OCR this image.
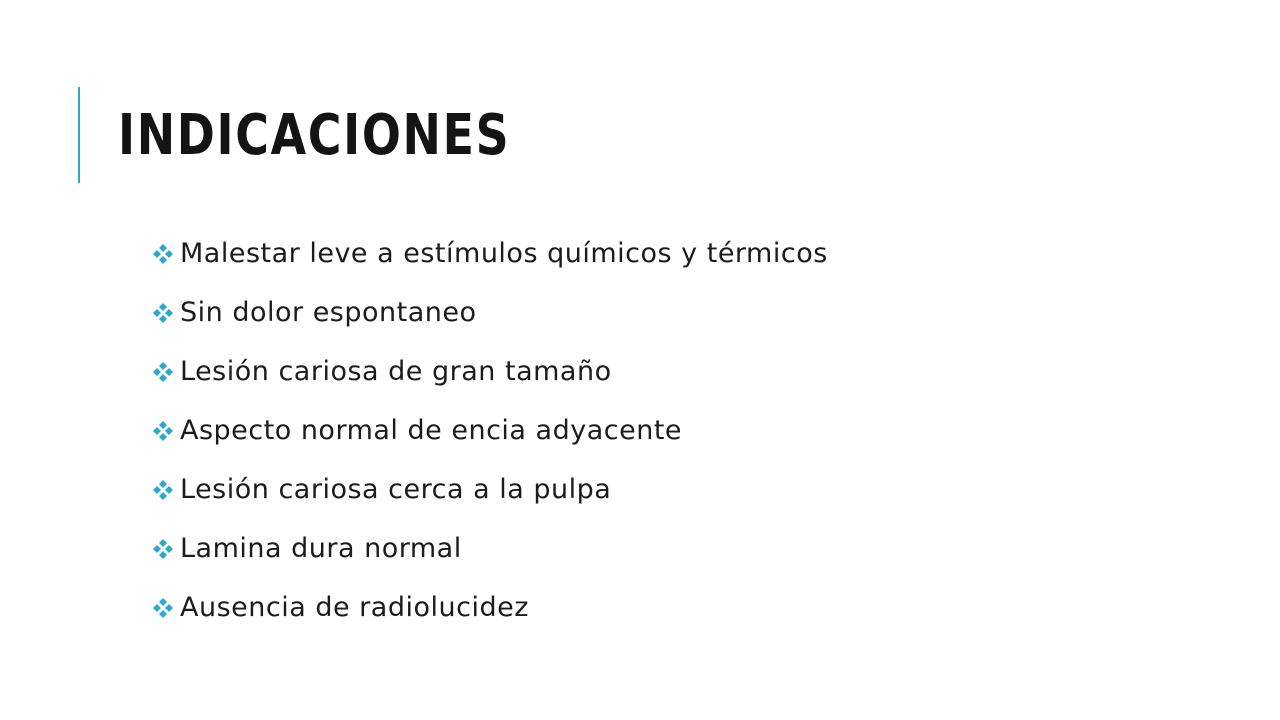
INDICACIONES
Malestar leve a estímulos químicos y térmicos
Sin dolor espontaneo
Lesión cariosa de gran tamaño
Aspecto normal de encia adyacente
Lesión cariosa cerca a la pulpa
Lamina dura normal
Ausencia de radiolucidez
